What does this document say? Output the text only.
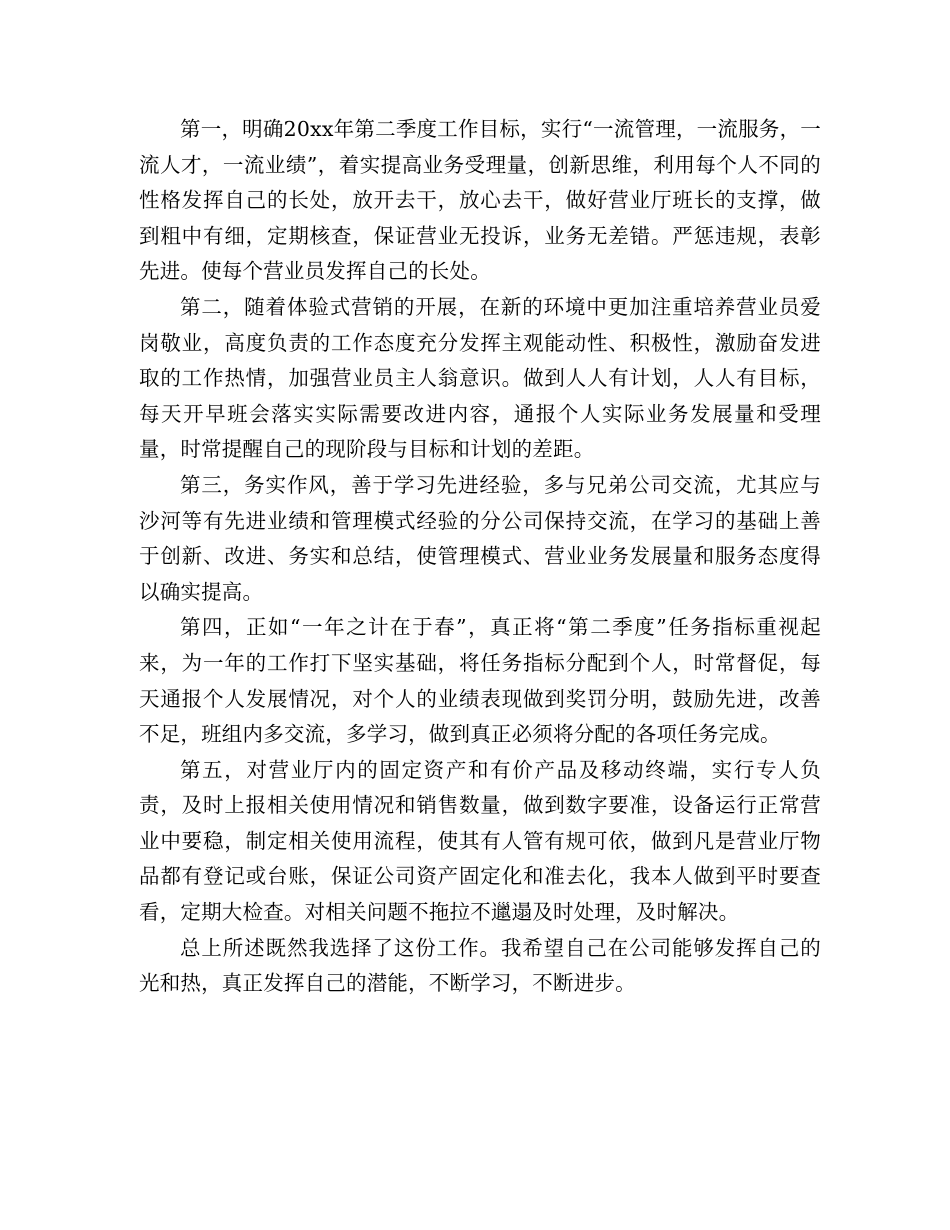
第一，明确20xx年第二季度工作目标，实行“一流管理，一流服务，一流人才，一流业绩”，着实提高业务受理量，创新思维，利用每个人不同的性格发挥自己的长处，放开去干，放心去干，做好营业厅班长的支撑，做到粗中有细，定期核查，保证营业无投诉，业务无差错。严惩违规，表彰先进。使每个营业员发挥自己的长处。

第二，随着体验式营销的开展，在新的环境中更加注重培养营业员爱岗敬业，高度负责的工作态度充分发挥主观能动性、积极性，激励奋发进取的工作热情，加强营业员主人翁意识。做到人人有计划，人人有目标，每天开早班会落实实际需要改进内容，通报个人实际业务发展量和受理量，时常提醒自己的现阶段与目标和计划的差距。

第三，务实作风，善于学习先进经验，多与兄弟公司交流，尤其应与沙河等有先进业绩和管理模式经验的分公司保持交流，在学习的基础上善于创新、改进、务实和总结，使管理模式、营业业务发展量和服务态度得以确实提高。

第四，正如“一年之计在于春”，真正将“第二季度”任务指标重视起来，为一年的工作打下坚实基础，将任务指标分配到个人，时常督促，每天通报个人发展情况，对个人的业绩表现做到奖罚分明，鼓励先进，改善不足，班组内多交流，多学习，做到真正必须将分配的各项任务完成。

第五，对营业厅内的固定资产和有价产品及移动终端，实行专人负责，及时上报相关使用情况和销售数量，做到数字要准，设备运行正常营业中要稳，制定相关使用流程，使其有人管有规可依，做到凡是营业厅物品都有登记或台账，保证公司资产固定化和准去化，我本人做到平时要查看，定期大检查。对相关问题不拖拉不邋遢及时处理，及时解决。

总上所述既然我选择了这份工作。我希望自己在公司能够发挥自己的光和热，真正发挥自己的潜能，不断学习，不断进步。
